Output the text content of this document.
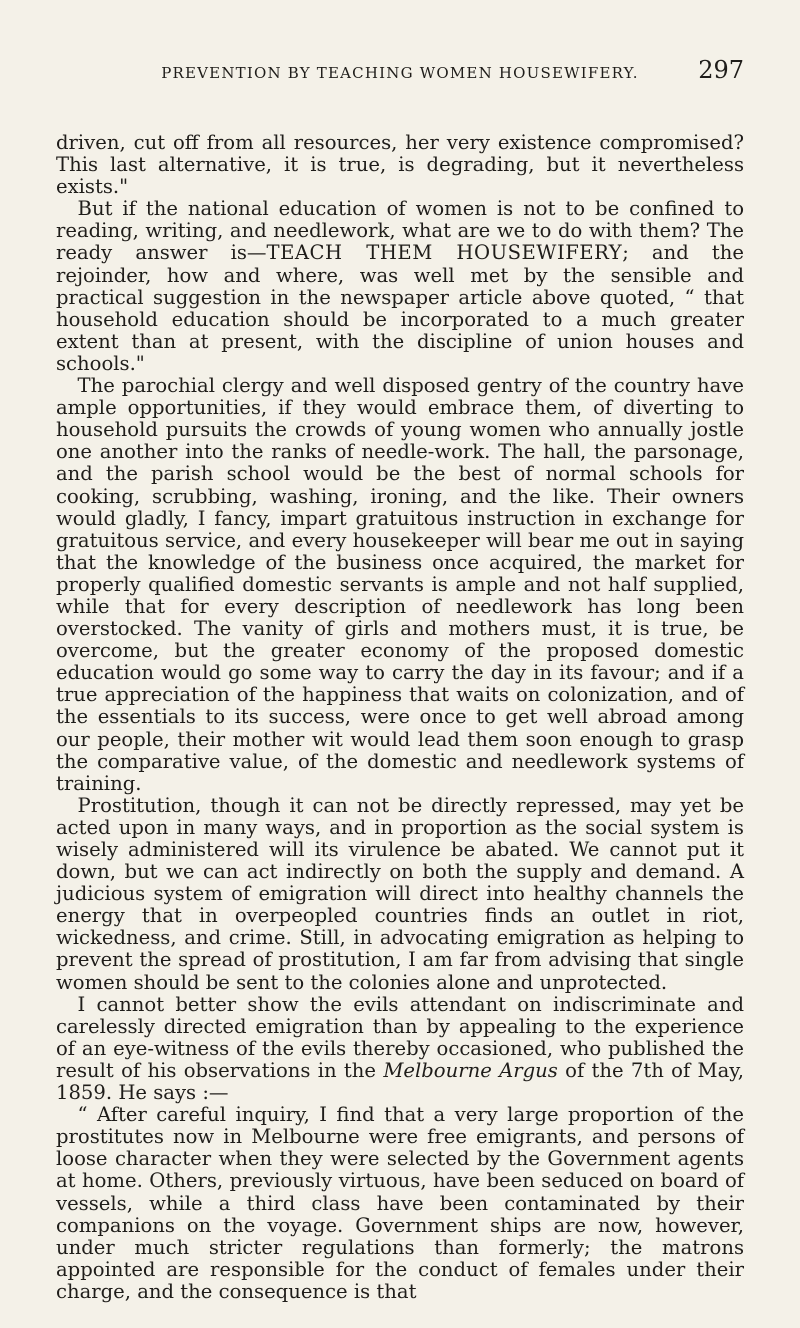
PREVENTION BY TEACHING WOMEN HOUSEWIFERY.	297

driven, cut off from all resources, her very existence compromised? This last alternative, it is true, is degrading, but it nevertheless exists."

But if the national education of women is not to be confined to reading, writing, and needlework, what are we to do with them? The ready answer is—TEACH THEM HOUSEWIFERY; and the rejoinder, how and where, was well met by the sensible and practical suggestion in the newspaper article above quoted, “ that household education should be incorporated to a much greater extent than at present, with the discipline of union houses and schools."

The parochial clergy and well disposed gentry of the country have ample opportunities, if they would embrace them, of diverting to household pursuits the crowds of young women who annually jostle one another into the ranks of needle-work. The hall, the parsonage, and the parish school would be the best of normal schools for cooking, scrubbing, washing, ironing, and the like. Their owners would gladly, I fancy, impart gratuitous instruction in exchange for gratuitous service, and every housekeeper will bear me out in saying that the knowledge of the business once acquired, the market for properly qualified domestic servants is ample and not half supplied, while that for every description of needlework has long been overstocked. The vanity of girls and mothers must, it is true, be overcome, but the greater economy of the proposed domestic education would go some way to carry the day in its favour; and if a true appreciation of the happiness that waits on colonization, and of the essentials to its success, were once to get well abroad among our people, their mother wit would lead them soon enough to grasp the comparative value, of the domestic and needlework systems of training.

Prostitution, though it can not be directly repressed, may yet be acted upon in many ways, and in proportion as the social system is wisely administered will its virulence be abated. We cannot put it down, but we can act indirectly on both the supply and demand. A judicious system of emigration will direct into healthy channels the energy that in overpeopled countries finds an outlet in riot, wickedness, and crime. Still, in advocating emigration as helping to prevent the spread of prostitution, I am far from advising that single women should be sent to the colonies alone and unprotected.

I cannot better show the evils attendant on indiscriminate and carelessly directed emigration than by appealing to the experience of an eye-witness of the evils thereby occasioned, who published the result of his observations in the Melbourne Argus of the 7th of May, 1859. He says :—

“ After careful inquiry, I find that a very large proportion of the prostitutes now in Melbourne were free emigrants, and persons of loose character when they were selected by the Government agents at home. Others, previously virtuous, have been seduced on board of vessels, while a third class have been contaminated by their companions on the voyage. Government ships are now, however, under much stricter regulations than formerly; the matrons appointed are responsible for the conduct of females under their charge, and the consequence is that
